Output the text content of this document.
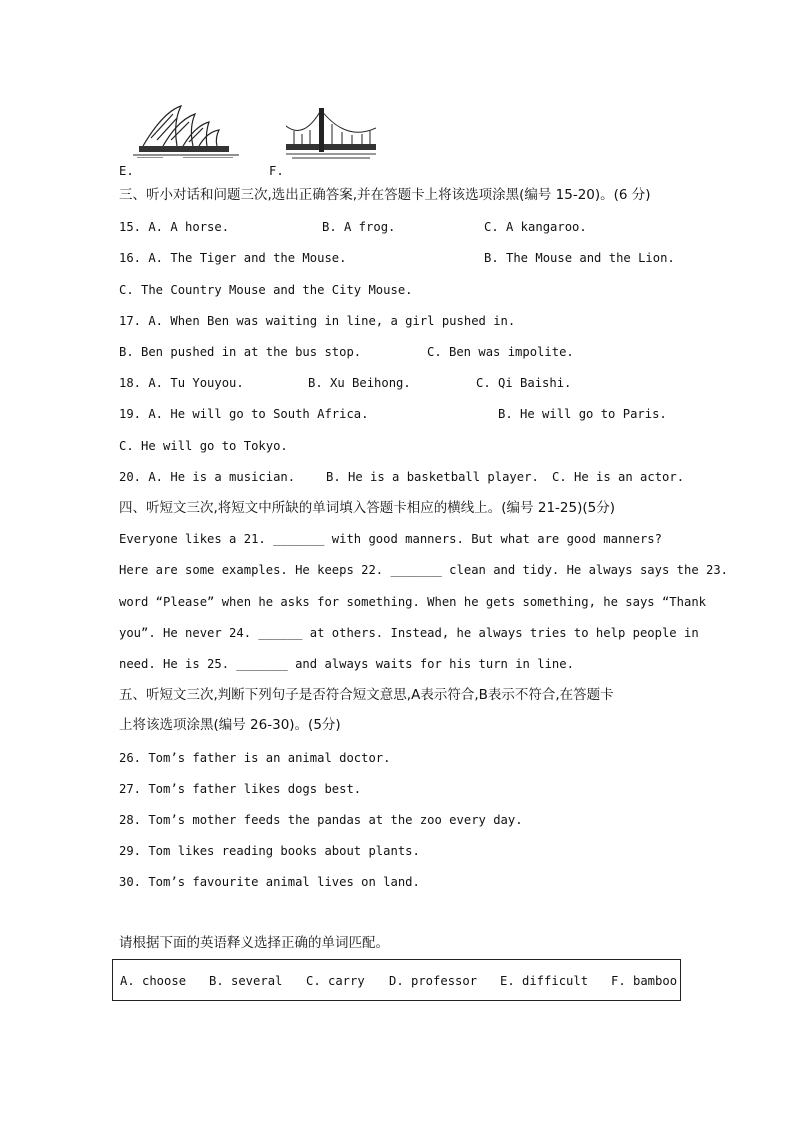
E.	F.
三、听小对话和问题三次,选出正确答案,并在答题卡上将该选项涂黑(编号 15-20)。(6 分)
15. A. A horse.	B. A frog.	C. A kangaroo.
16. A. The Tiger and the Mouse.	B. The Mouse and the Lion.
C. The Country Mouse and the City Mouse.
17. A. When Ben was waiting in line, a girl pushed in.
B. Ben pushed in at the bus stop.	C. Ben was impolite.
18. A. Tu Youyou.	B. Xu Beihong.	C. Qi Baishi.
19. A. He will go to South Africa.	B. He will go to Paris.
C. He will go to Tokyo.
20. A. He is a musician.	B. He is a basketball player. C. He is an actor.
四、听短文三次,将短文中所缺的单词填入答题卡相应的横线上。(编号 21-25)(5分)
Everyone likes a 21. _______ with good manners. But what are good manners?
Here are some examples. He keeps 22. _______ clean and tidy. He always says the 23.
word “Please” when he asks for something. When he gets something, he says “Thank
you”. He never 24. ______ at others. Instead, he always tries to help people in
need. He is 25. _______ and always waits for his turn in line.
五、听短文三次,判断下列句子是否符合短文意思,A表示符合,B表示不符合,在答题卡
上将该选项涂黑(编号 26-30)。(5分)
26. Tom’s father is an animal doctor.
27. Tom’s father likes dogs best.
28. Tom’s mother feeds the pandas at the zoo every day.
29. Tom likes reading books about plants.
30. Tom’s favourite animal lives on land.
请根据下面的英语释义选择正确的单词匹配。
A. choose B. several C. carry D. professor E. difficult F. bamboo
